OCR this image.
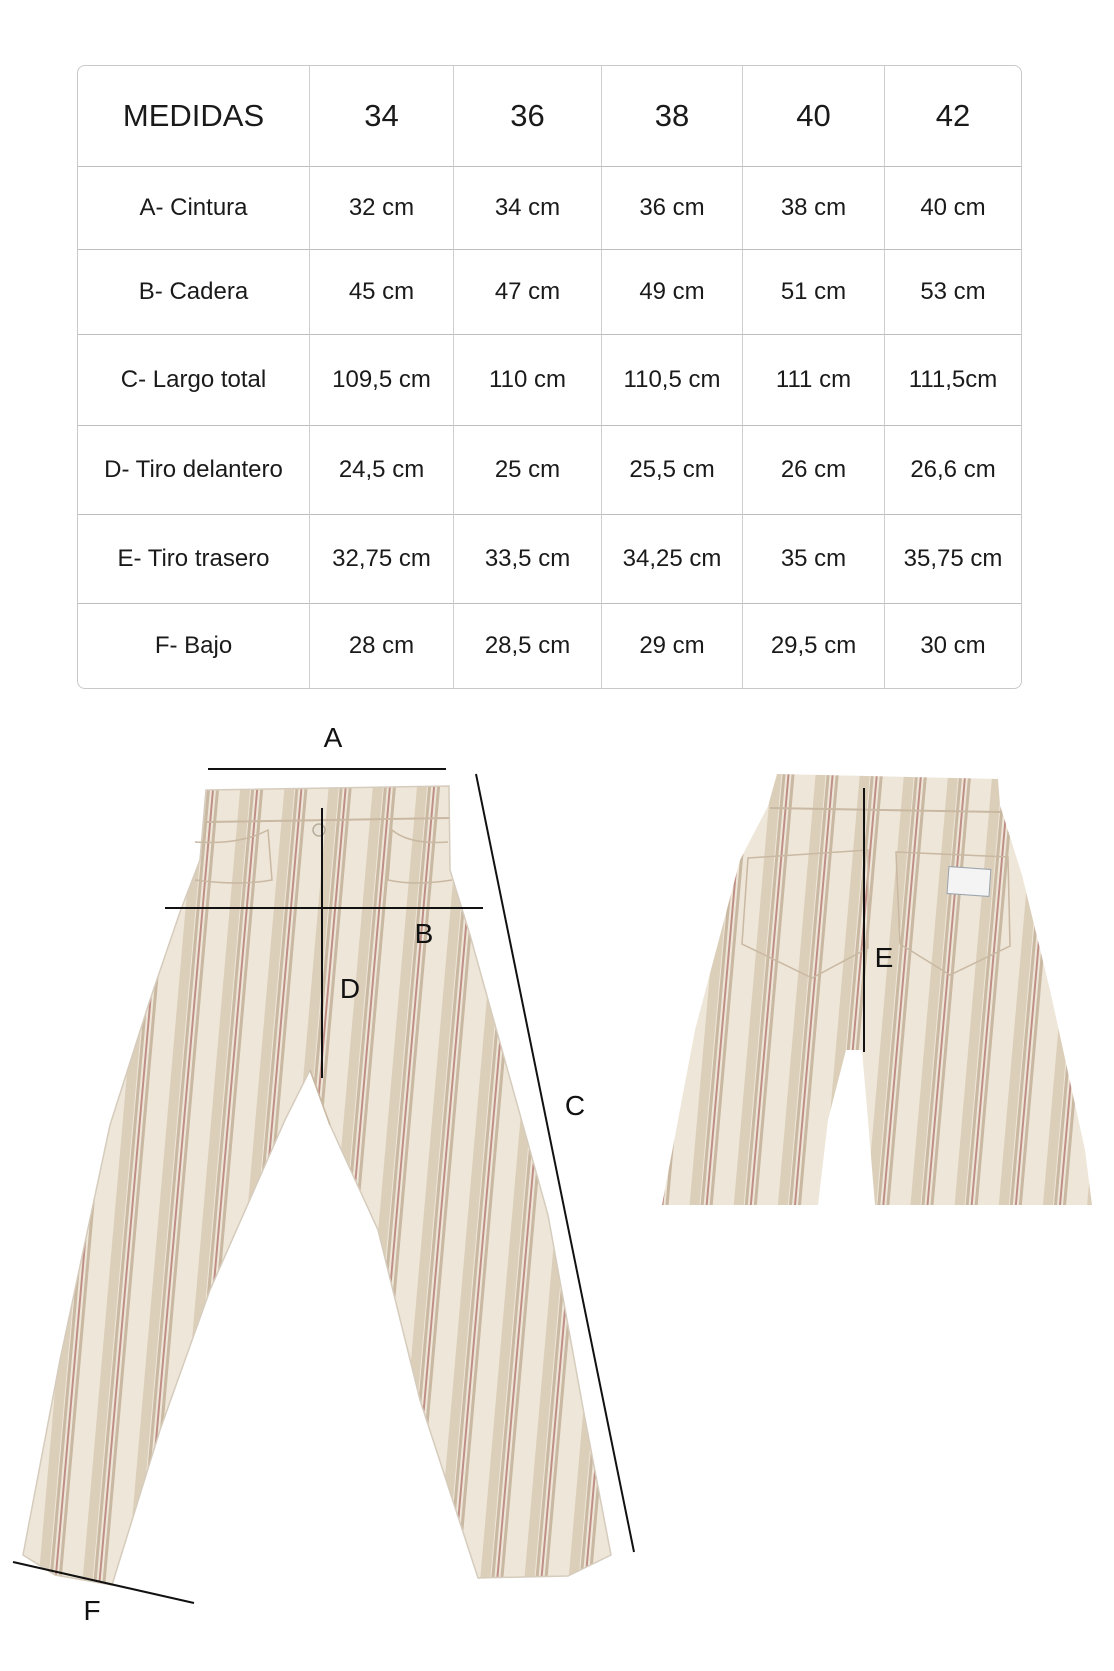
MEDIDAS	34	36	38	40	42
A- Cintura	32 cm	34 cm	36 cm	38 cm	40 cm
B- Cadera	45 cm	47 cm	49 cm	51 cm	53 cm
C- Largo total	109,5 cm	110 cm	110,5 cm	111 cm	111,5cm
D- Tiro delantero	24,5 cm	25 cm	25,5 cm	26 cm	26,6 cm
E- Tiro trasero	32,75 cm	33,5 cm	34,25 cm	35 cm	35,75 cm
F- Bajo	28 cm	28,5 cm	29 cm	29,5 cm	30 cm
A
B
C
D
E
F
